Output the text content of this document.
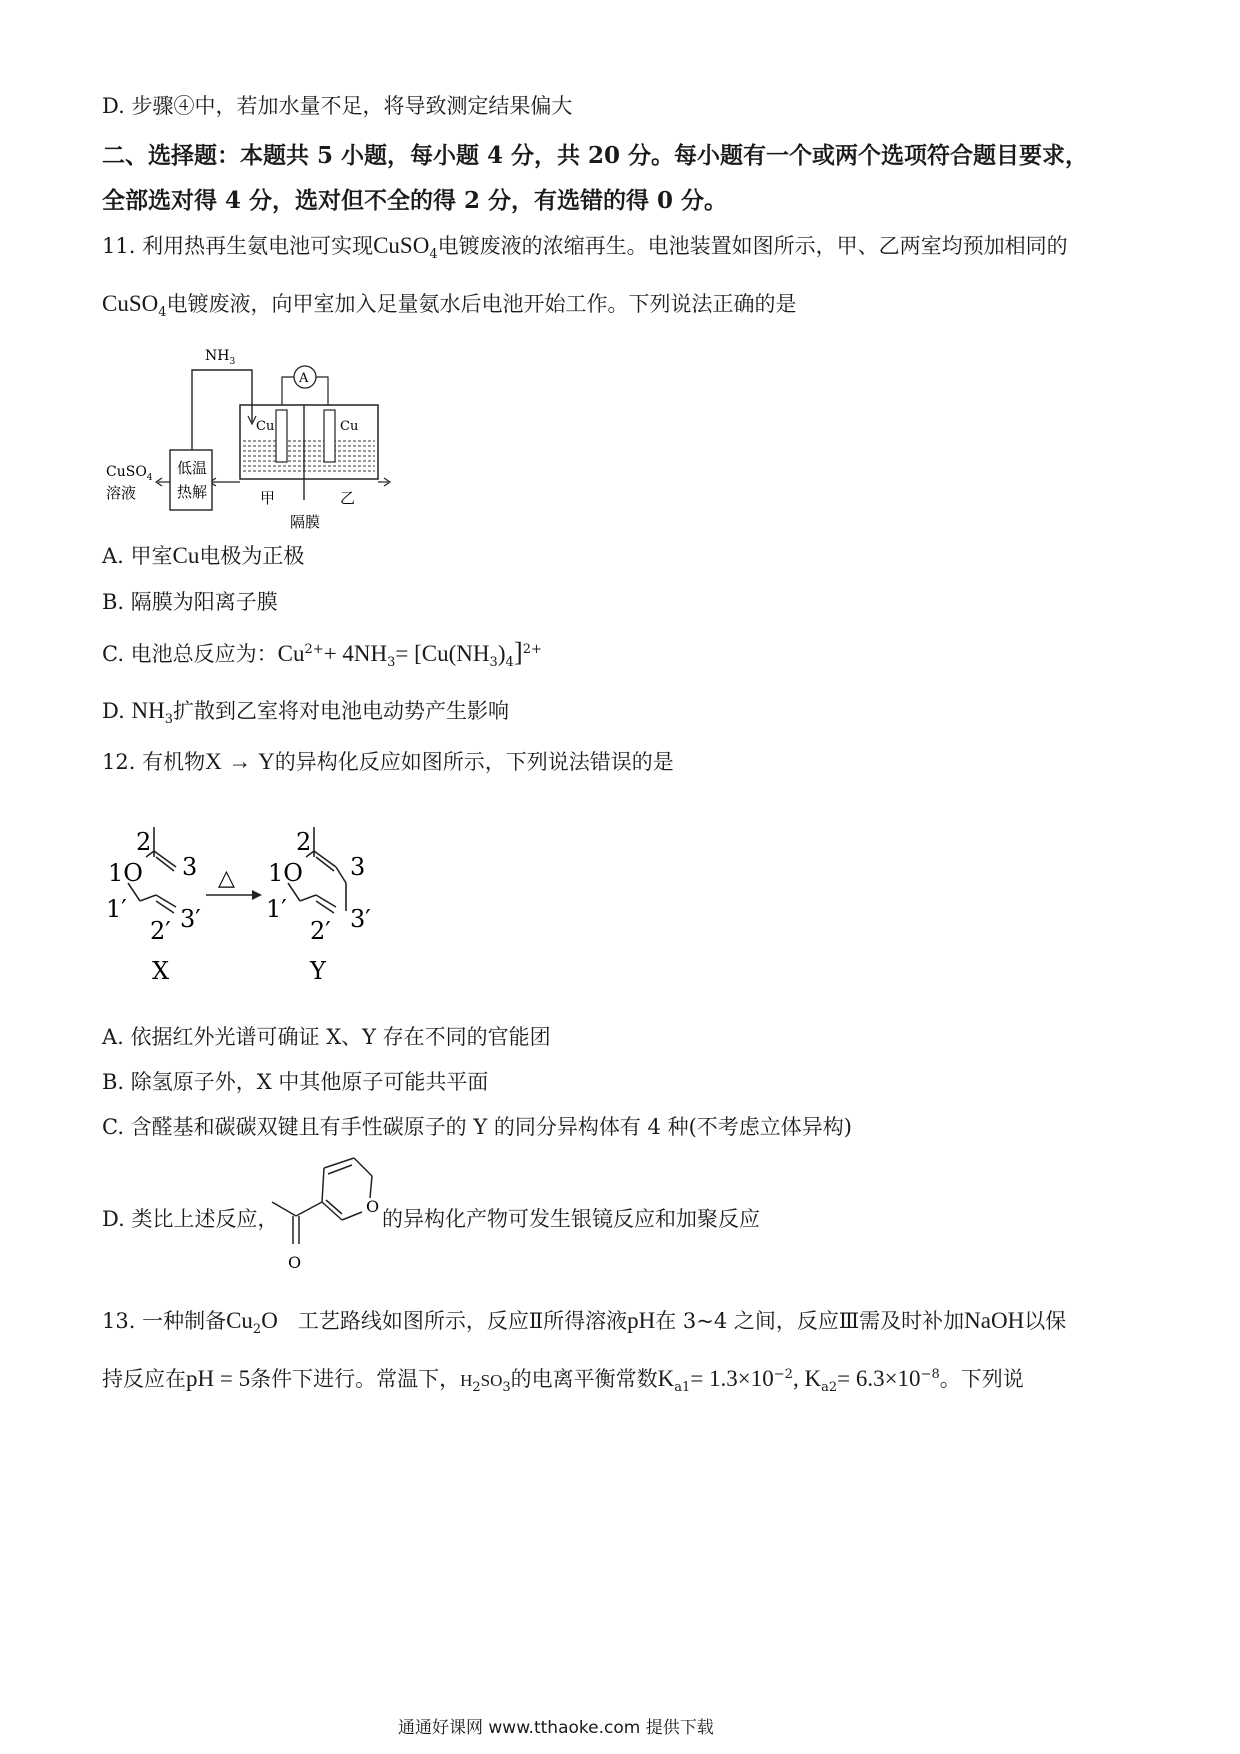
D. 步骤④中，若加水量不足，将导致测定结果偏大
二、选择题：本题共 5 小题，每小题 4 分，共 20 分。每小题有一个或两个选项符合题目要求，
全部选对得 4 分，选对但不全的得 2 分，有选错的得 0 分。
11. 利用热再生氨电池可实现CuSO$_4$电镀废液的浓缩再生。电池装置如图所示，甲、乙两室均预加相同的
CuSO$_4$电镀废液，向甲室加入足量氨水后电池开始工作。下列说法正确的是
$NH_3$
A
Cu	Cu
低温
热解
CuSO$_4$
溶液	甲	乙
隔膜
A. 甲室Cu电极为正极
B. 隔膜为阳离子膜
C. 电池总反应为：$Cu^{2+}+ 4NH_3= [Cu(NH_3)_4]^{2+}$
D. $NH_3$扩散到乙室将对电池电动势产生影响
12. 有机物X → Y的异构化反应如图所示，下列说法错误的是
2
1O 3
1′
2′ 3′
X
△
2
1O 3
1′
2′ 3′
Y
A. 依据红外光谱可确证 X、Y 存在不同的官能团
B. 除氢原子外，X 中其他原子可能共平面
C. 含醛基和碳碳双键且有手性碳原子的 Y 的同分异构体有 4 种(不考虑立体异构)
D. 类比上述反应，
O
O
的异构化产物可发生银镜反应和加聚反应
13. 一种制备$Cu_2O$ 工艺路线如图所示，反应Ⅱ所得溶液pH在 3~4 之间，反应Ⅲ需及时补加NaOH以保
持反应在pH = 5条件下进行。常温下，$H_2SO_3$的电离平衡常数$K_{a1}= 1.3\times 10^{-2}$, $K_{a2}= 6.3\times 10^{-8}$。下列说
通通好课网 www.tthaoke.com 提供下载
